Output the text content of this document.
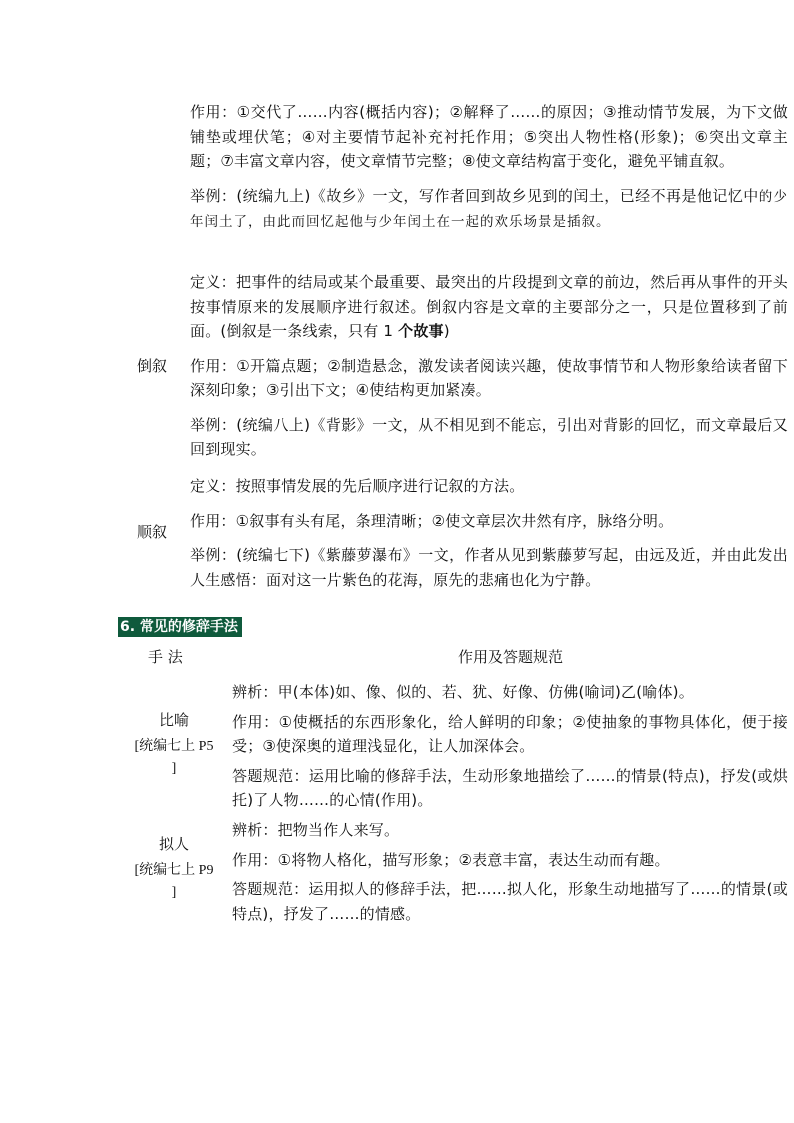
作用：①交代了……内容(概括内容)；②解释了……的原因；③推动情节发展，为下文做铺垫或埋伏笔；④对主要情节起补充衬托作用；⑤突出人物性格(形象)；⑥突出文章主题；⑦丰富文章内容，使文章情节完整；⑧使文章结构富于变化，避免平铺直叙。

举例：(统编九上)《故乡》一文，写作者回到故乡见到的闰土，已经不再是他记忆中的少年闰土了，由此而回忆起他与少年闰土在一起的欢乐场景是插叙。

倒叙

定义：把事件的结局或某个最重要、最突出的片段提到文章的前边，然后再从事件的开头按事情原来的发展顺序进行叙述。倒叙内容是文章的主要部分之一，只是位置移到了前面。(倒叙是一条线索，只有 1 个故事)

作用：①开篇点题；②制造悬念，激发读者阅读兴趣，使故事情节和人物形象给读者留下深刻印象；③引出下文；④使结构更加紧凑。

举例：(统编八上)《背影》一文，从不相见到不能忘，引出对背影的回忆，而文章最后又回到现实。

顺叙

定义：按照事情发展的先后顺序进行记叙的方法。

作用：①叙事有头有尾，条理清晰；②使文章层次井然有序，脉络分明。

举例：(统编七下)《紫藤萝瀑布》一文，作者从见到紫藤萝写起，由远及近，并由此发出人生感悟：面对这一片紫色的花海，原先的悲痛也化为宁静。

6. 常见的修辞手法
手 法	作用及答题规范
比喻
[统编七上 P5
]

辨析：甲(本体)如、像、似的、若、犹、好像、仿佛(喻词)乙(喻体)。

作用：①使概括的东西形象化，给人鲜明的印象；②使抽象的事物具体化，便于接受；③使深奥的道理浅显化，让人加深体会。

答题规范：运用比喻的修辞手法，生动形象地描绘了……的情景(特点)，抒发(或烘托)了人物……的心情(作用)。

拟人
[统编七上 P9
]

辨析：把物当作人来写。

作用：①将物人格化，描写形象；②表意丰富，表达生动而有趣。

答题规范：运用拟人的修辞手法，把……拟人化，形象生动地描写了……的情景(或特点)，抒发了……的情感。
